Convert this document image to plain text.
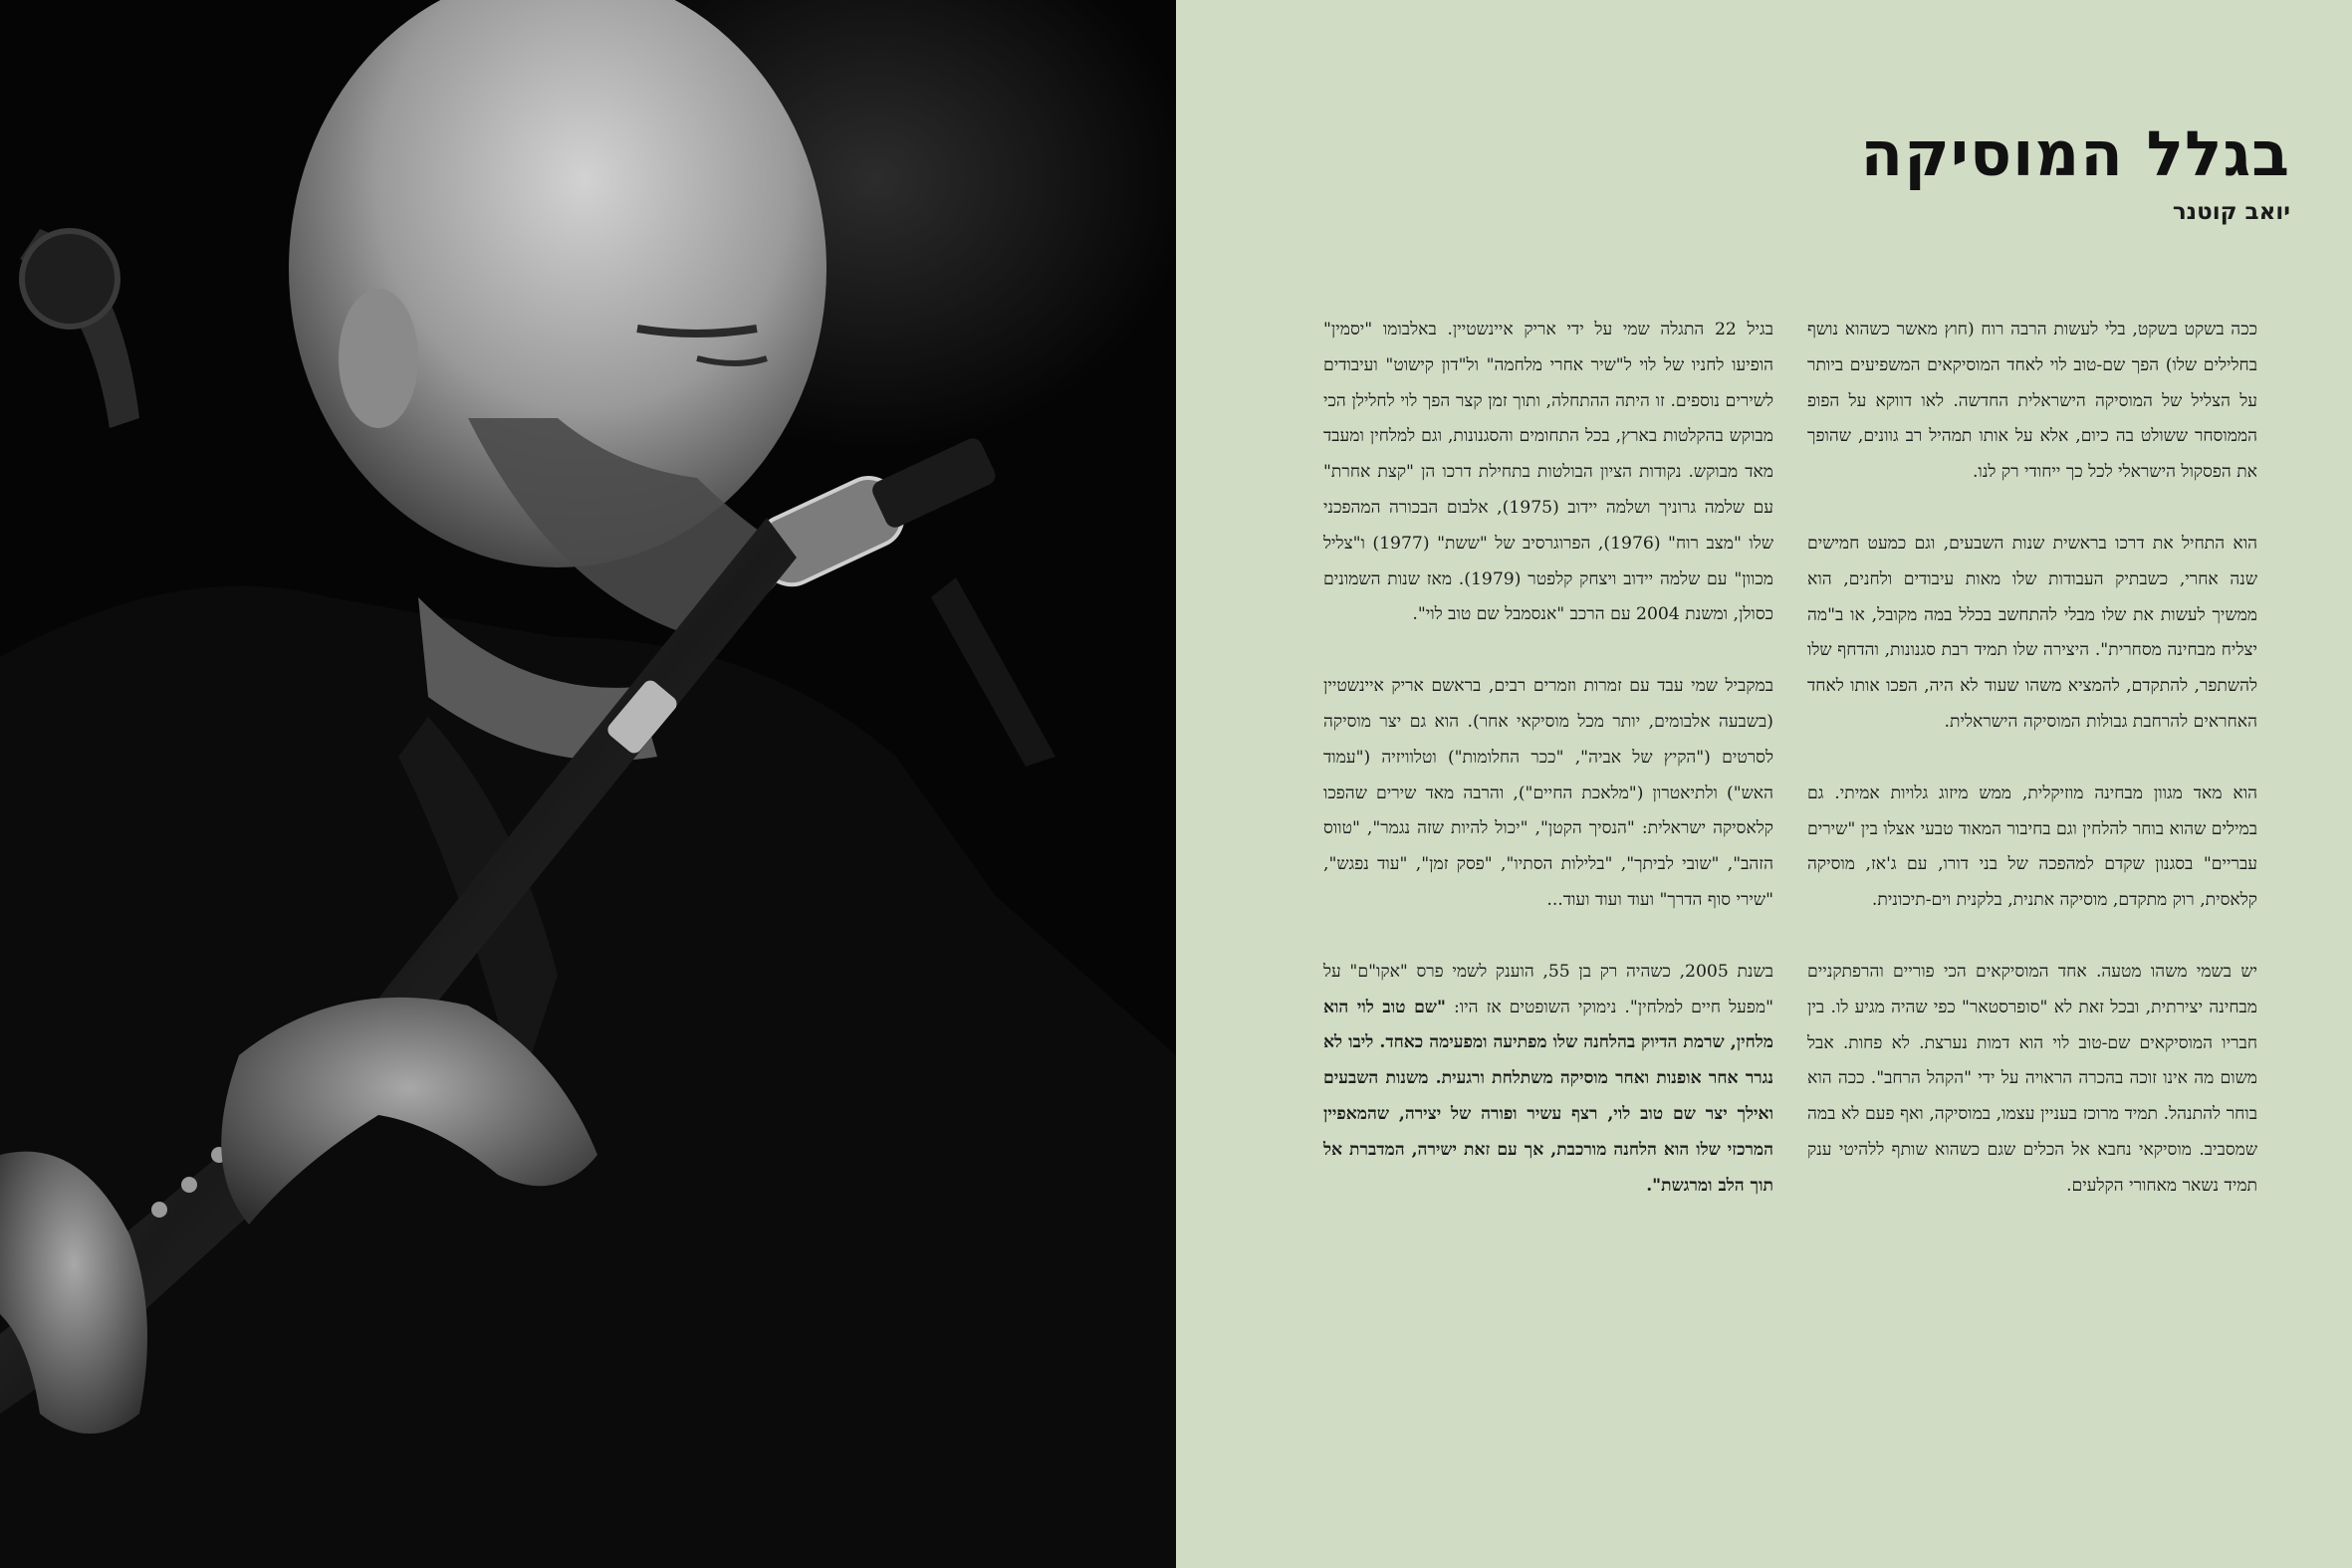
בגלל המוסיקה
יואב קוטנר

ככה בשקט בשקט, בלי לעשות הרבה רוח (חוץ מאשר כשהוא נושף בחלילים שלו) הפך שם-טוב לוי לאחד המוסיקאים המשפיעים ביותר על הצליל של המוסיקה הישראלית החדשה. לאו דווקא על הפופ הממוסחר ששולט בה כיום, אלא על אותו תמהיל רב גוונים, שהופך את הפסקול הישראלי לכל כך ייחודי רק לנו.

הוא התחיל את דרכו בראשית שנות השבעים, וגם כמעט חמישים שנה אחרי, כשבתיק העבודות שלו מאות עיבודים ולחנים, הוא ממשיך לעשות את שלו מבלי להתחשב בכלל במה מקובל, או ב"מה יצליח מבחינה מסחרית". היצירה שלו תמיד רבת סגנונות, והדחף שלו להשתפר, להתקדם, להמציא משהו שעוד לא היה, הפכו אותו לאחד האחראים להרחבת גבולות המוסיקה הישראלית.

הוא מאד מגוון מבחינה מוזיקלית, ממש מיזוג גלויות אמיתי. גם במילים שהוא בוחר להלחין וגם בחיבור המאוד טבעי אצלו בין "שירים עבריים" בסגנון שקדם למהפכה של בני דורו, עם ג'אז, מוסיקה קלאסית, רוק מתקדם, מוסיקה אתנית, בלקנית וים-תיכונית.

יש בשמי משהו מטעה. אחד המוסיקאים הכי פוריים והרפתקניים מבחינה יצירתית, ובכל זאת לא "סופרסטאר" כפי שהיה מגיע לו. בין חבריו המוסיקאים שם-טוב לוי הוא דמות נערצת. לא פחות. אבל משום מה אינו זוכה בהכרה הראויה על ידי "הקהל הרחב". ככה הוא בוחר להתנהל. תמיד מרוכז בעניין עצמו, במוסיקה, ואף פעם לא במה שמסביב. מוסיקאי נחבא אל הכלים שגם כשהוא שותף ללהיטי ענק תמיד נשאר מאחורי הקלעים.

בגיל 22 התגלה שמי על ידי אריק איינשטיין. באלבומו "יסמין" הופיעו לחניו של לוי ל"שיר אחרי מלחמה" ול"דון קישוט" ועיבודים לשירים נוספים. זו היתה ההתחלה, ותוך זמן קצר הפך לוי לחלילן הכי מבוקש בהקלטות בארץ, בכל התחומים והסגנונות, וגם למלחין ומעבד מאד מבוקש. נקודות הציון הבולטות בתחילת דרכו הן "קצת אחרת" עם שלמה גרוניך ושלמה יידוב (1975), אלבום הבכורה המהפכני שלו "מצב רוח" (1976), הפרוגרסיב של "ששת" (1977) ו"צליל מכוון" עם שלמה יידוב ויצחק קלפטר (1979). מאז שנות השמונים כסולן, ומשנת 2004 עם הרכב "אנסמבל שם טוב לוי".

במקביל שמי עבד עם זמרות וזמרים רבים, בראשם אריק איינשטיין (בשבעה אלבומים, יותר מכל מוסיקאי אחר). הוא גם יצר מוסיקה לסרטים ("הקיץ של אביה", "ככר החלומות") וטלוויזיה ("עמוד האש") ולתיאטרון ("מלאכת החיים"), והרבה מאד שירים שהפכו קלאסיקה ישראלית: "הנסיך הקטן", "יכול להיות שזה נגמר", "טווס הזהב", "שובי לביתך", "בלילות הסתיו", "פסק זמן", "עוד נפגש", "שירי סוף הדרך" ועוד ועוד ועוד...

בשנת 2005, כשהיה רק בן 55, הוענק לשמי פרס "אקו"ם" על "מפעל חיים למלחין". נימוקי השופטים אז היו: "שם טוב לוי הוא מלחין, שרמת הדיוק בהלחנה שלו מפתיעה ומפעימה כאחד. ליבו לא נגרר אחר אופנות ואחר מוסיקה משתלחת ורגעית. משנות השבעים ואילך יצר שם טוב לוי, רצף עשיר ופורה של יצירה, שהמאפיין המרכזי שלו הוא הלחנה מורכבת, אך עם זאת ישירה, המדברת אל תוך הלב ומרגשת".
